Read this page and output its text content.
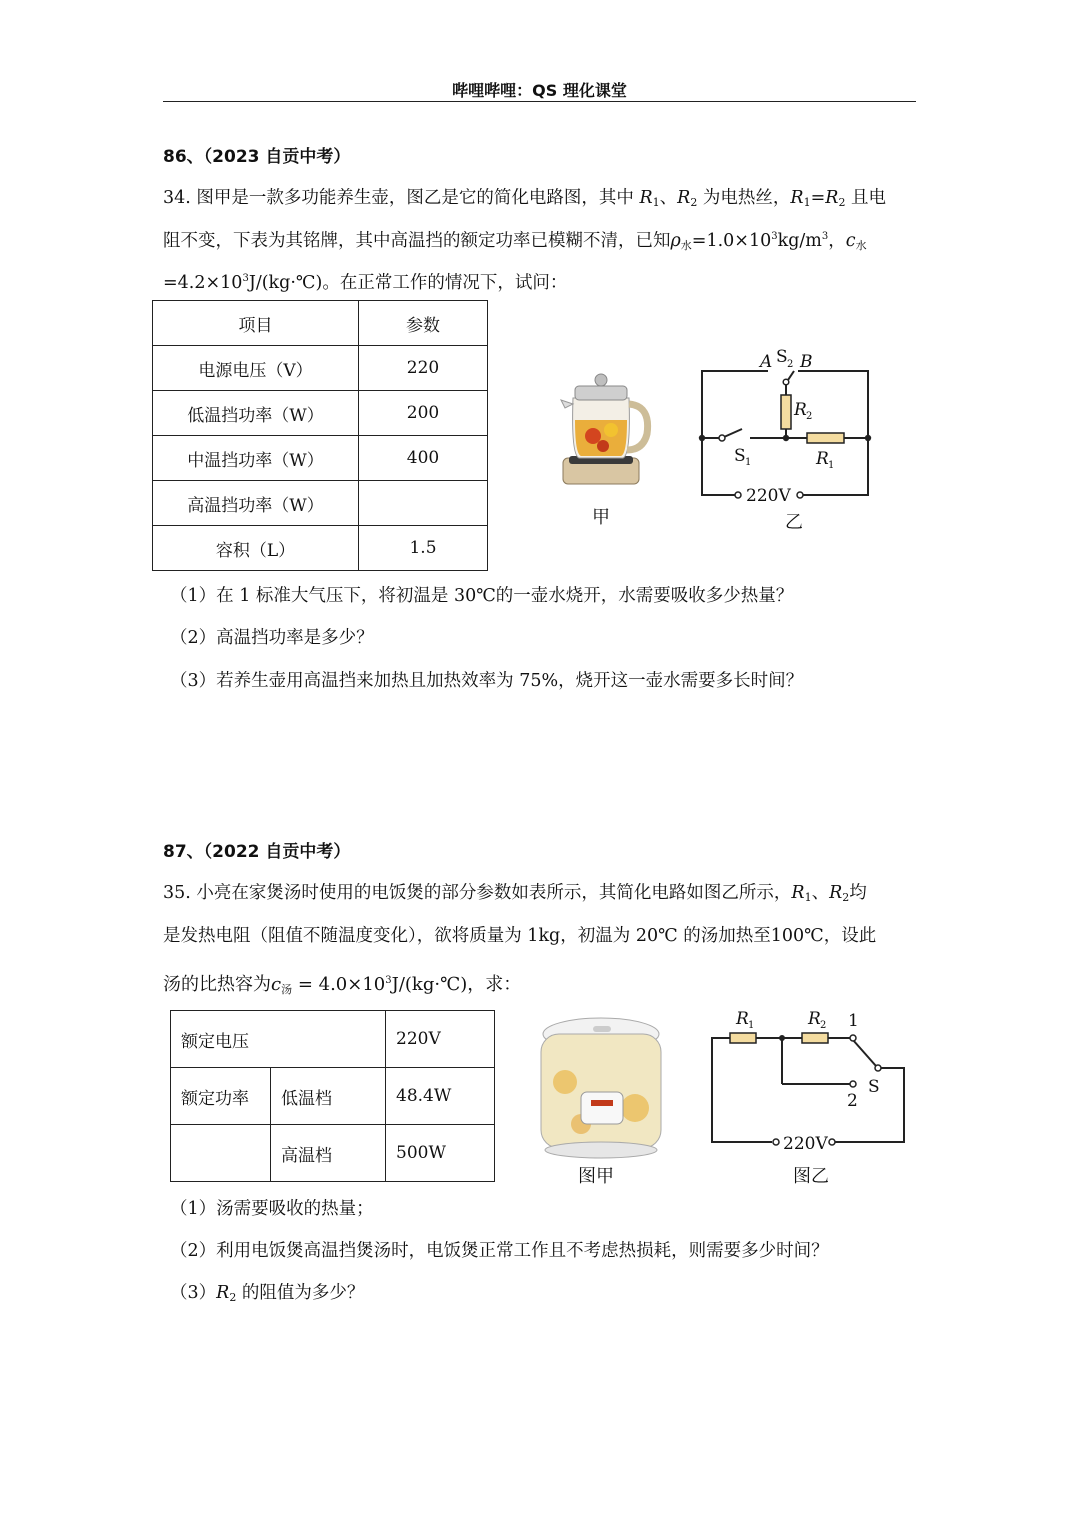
哔哩哔哩：QS 理化课堂
86、（2023 自贡中考）
34. 图甲是一款多功能养生壶，图乙是它的简化电路图，其中 $R_1$、$R_2$ 为电热丝，$R_1=R_2$ 且电
阻不变，下表为其铭牌，其中高温挡的额定功率已模糊不清，已知$\rho_水=1.0\times 10^3kg/m^3$，$c_水$
$=4.2\times 10^3J/(kg\cdot℃)$。在正常工作的情况下，试问：
项目	参数
电源电压（V）	220
低温挡功率（W）	200
中温挡功率（W）	400
高温挡功率（W）	
容积（L）	1.5
甲
A S 2 B
R 2
S 1	R 1
220V
乙
（1）在 1 标准大气压下，将初温是 30℃的一壶水烧开，水需要吸收多少热量？
（2）高温挡功率是多少？
（3）若养生壶用高温挡来加热且加热效率为 75%，烧开这一壶水需要多长时间？
87、（2022 自贡中考）
35. 小亮在家煲汤时使用的电饭煲的部分参数如表所示，其简化电路如图乙所示，$R_1$、$R_2$均
是发热电阻（阻值不随温度变化），欲将质量为 1kg，初温为 20℃ 的汤加热至100℃，设此
汤的比热容为$c_汤$ = $4.0\times 10^3J/(kg\cdot℃)$，求：
额定电压		220V
额定功率	低温档	48.4W
	高温档	500W
图甲
R 1	R 2 1
2
S
220V
图乙
（1）汤需要吸收的热量；
（2）利用电饭煲高温挡煲汤时，电饭煲正常工作且不考虑热损耗，则需要多少时间？
$(3)R_2$ 的阻值为多少？
